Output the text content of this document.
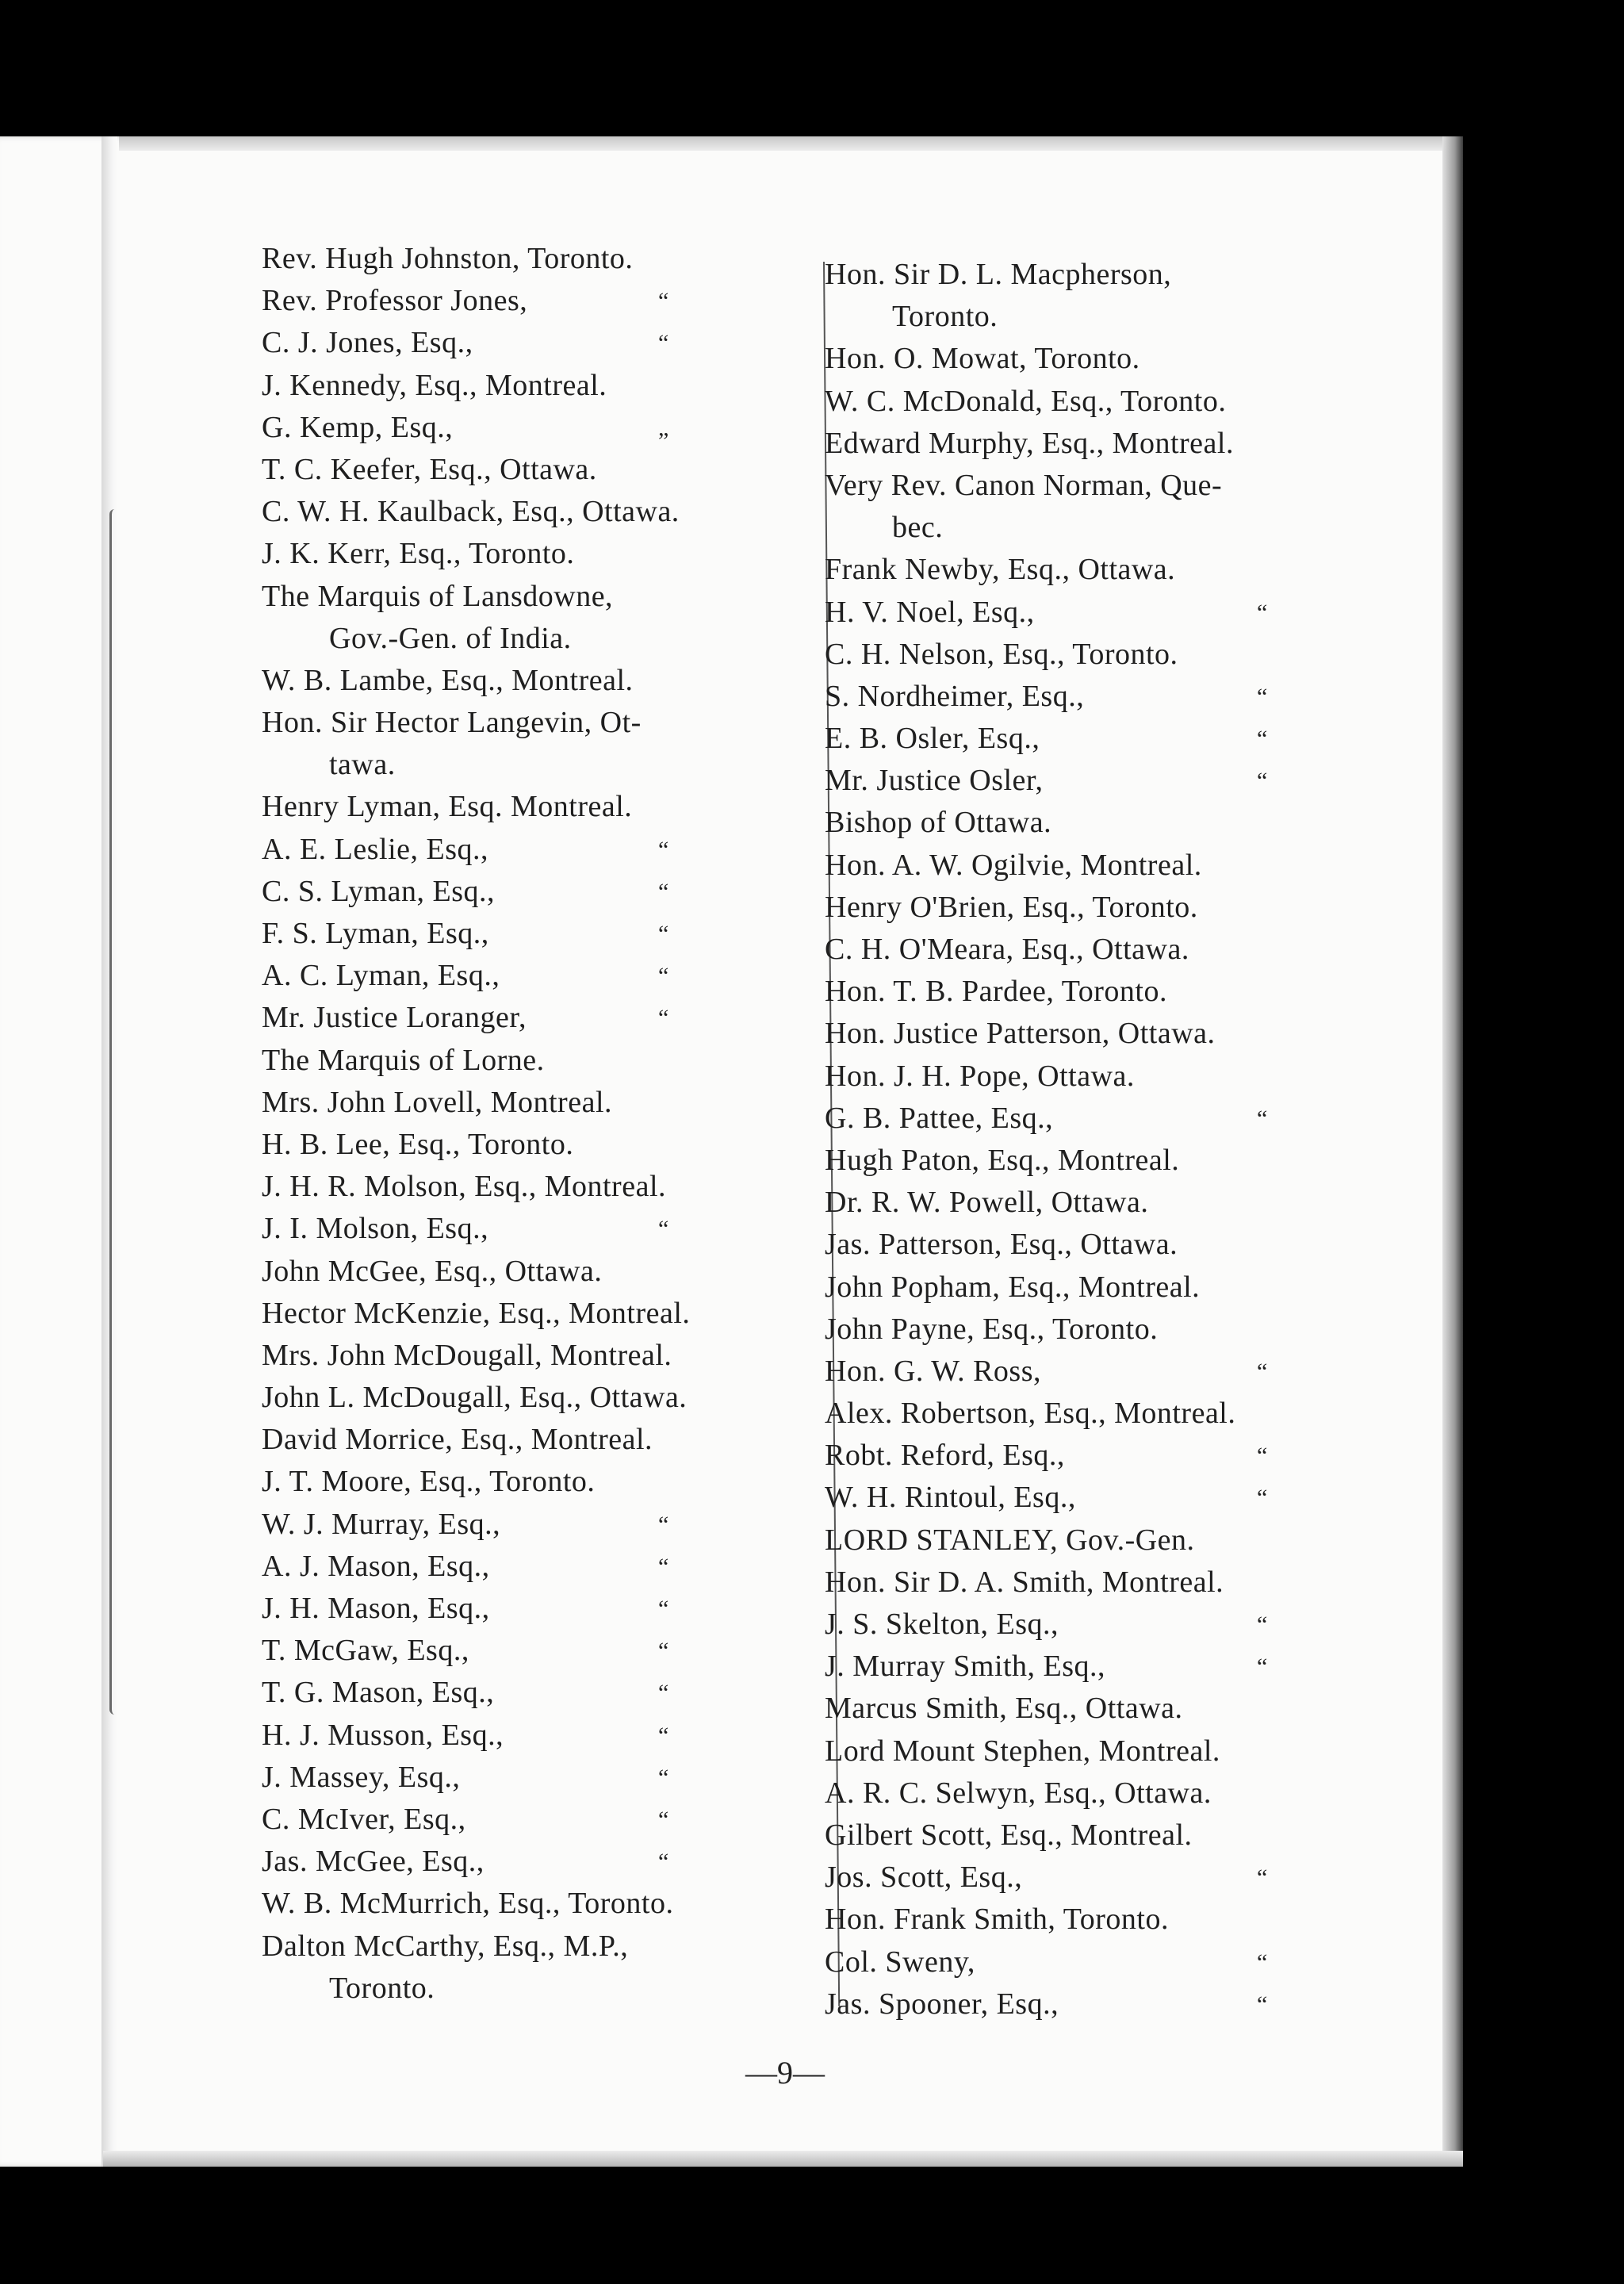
Rev. Hugh Johnston, Toronto.
Rev. Professor Jones,	“
C. J. Jones, Esq.,	“
J. Kennedy, Esq., Montreal.
G. Kemp, Esq.,	„
T. C. Keefer, Esq., Ottawa.
C. W. H. Kaulback, Esq., Ottawa.
J. K. Kerr, Esq., Toronto.
The Marquis of Lansdowne,
Gov.-Gen. of India.
W. B. Lambe, Esq., Montreal.
Hon. Sir Hector Langevin, Ot-
tawa.
Henry Lyman, Esq. Montreal.
A. E. Leslie, Esq.,	“
C. S. Lyman, Esq.,	“
F. S. Lyman, Esq.,	“
A. C. Lyman, Esq.,	“
Mr. Justice Loranger,	“
The Marquis of Lorne.
Mrs. John Lovell, Montreal.
H. B. Lee, Esq., Toronto.
J. H. R. Molson, Esq., Montreal.
J. I. Molson, Esq.,	“
John McGee, Esq., Ottawa.
Hector McKenzie, Esq., Montreal.
Mrs. John McDougall, Montreal.
John L. McDougall, Esq., Ottawa.
David Morrice, Esq., Montreal.
J. T. Moore, Esq., Toronto.
W. J. Murray, Esq.,	“
A. J. Mason, Esq.,	“
J. H. Mason, Esq.,	“
T. McGaw, Esq.,	“
T. G. Mason, Esq.,	“
H. J. Musson, Esq.,	“
J. Massey, Esq.,	“
C. McIver, Esq.,	“
Jas. McGee, Esq.,	“
W. B. McMurrich, Esq., Toronto.
Dalton McCarthy, Esq., M.P.,
Toronto.
Hon. Sir D. L. Macpherson,
Toronto.
Hon. O. Mowat, Toronto.
W. C. McDonald, Esq., Toronto.
Edward Murphy, Esq., Montreal.
Very Rev. Canon Norman, Que-
bec.
Frank Newby, Esq., Ottawa.
H. V. Noel, Esq.,	“
C. H. Nelson, Esq., Toronto.
S. Nordheimer, Esq.,	“
E. B. Osler, Esq.,	“
Mr. Justice Osler,	“
Bishop of Ottawa.
Hon. A. W. Ogilvie, Montreal.
Henry O'Brien, Esq., Toronto.
C. H. O'Meara, Esq., Ottawa.
Hon. T. B. Pardee, Toronto.
Hon. Justice Patterson, Ottawa.
Hon. J. H. Pope, Ottawa.
G. B. Pattee, Esq.,	“
Hugh Paton, Esq., Montreal.
Dr. R. W. Powell, Ottawa.
Jas. Patterson, Esq., Ottawa.
John Popham, Esq., Montreal.
John Payne, Esq., Toronto.
Hon. G. W. Ross,	“
Alex. Robertson, Esq., Montreal.
Robt. Reford, Esq.,	“
W. H. Rintoul, Esq.,	“
LORD STANLEY, Gov.-Gen.
Hon. Sir D. A. Smith, Montreal.
J. S. Skelton, Esq.,	“
J. Murray Smith, Esq.,	“
Marcus Smith, Esq., Ottawa.
Lord Mount Stephen, Montreal.
A. R. C. Selwyn, Esq., Ottawa.
Gilbert Scott, Esq., Montreal.
Jos. Scott, Esq.,	“
Hon. Frank Smith, Toronto.
Col. Sweny,	“
Jas. Spooner, Esq.,	“
—9—
